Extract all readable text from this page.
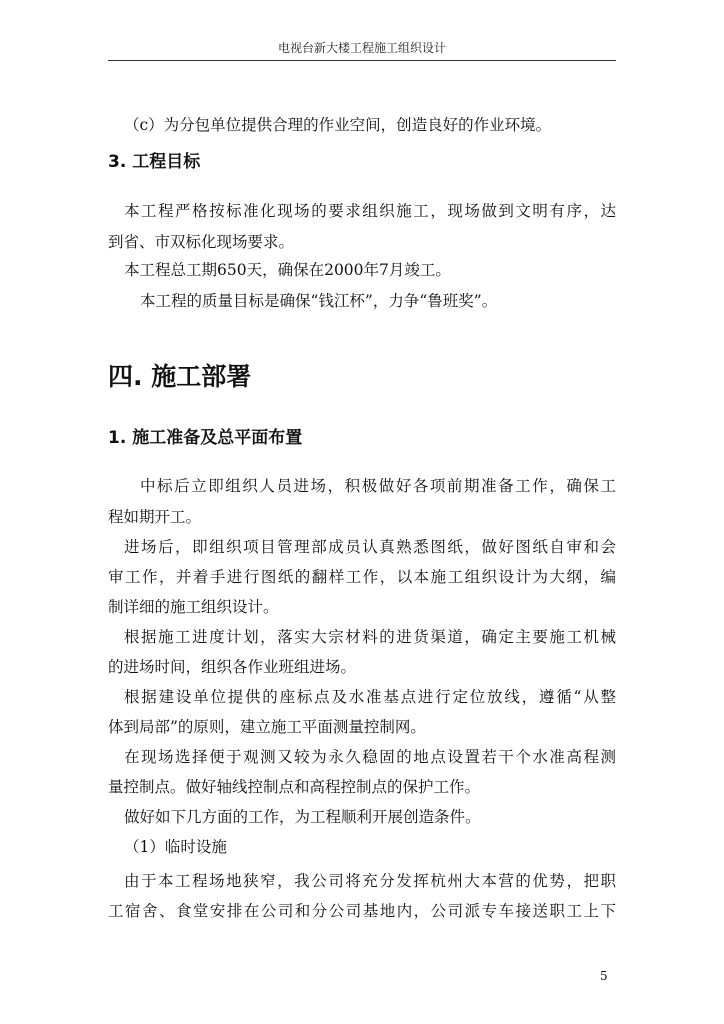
电视台新大楼工程施工组织设计
（c）为分包单位提供合理的作业空间，创造良好的作业环境。
3. 工程目标
本工程严格按标准化现场的要求组织施工，现场做到文明有序，达
到省、市双标化现场要求。
本工程总工期650天，确保在2000年7月竣工。
本工程的质量目标是确保“钱江杯”，力争“鲁班奖”。
四. 施工部署
1. 施工准备及总平面布置
中标后立即组织人员进场，积极做好各项前期准备工作，确保工
程如期开工。
进场后，即组织项目管理部成员认真熟悉图纸，做好图纸自审和会
审工作，并着手进行图纸的翻样工作，以本施工组织设计为大纲，编
制详细的施工组织设计。
根据施工进度计划，落实大宗材料的进货渠道，确定主要施工机械
的进场时间，组织各作业班组进场。
根据建设单位提供的座标点及水准基点进行定位放线，遵循“从整
体到局部”的原则，建立施工平面测量控制网。
在现场选择便于观测又较为永久稳固的地点设置若干个水准高程测
量控制点。做好轴线控制点和高程控制点的保护工作。
做好如下几方面的工作，为工程顺利开展创造条件。
（1）临时设施
由于本工程场地狭窄，我公司将充分发挥杭州大本营的优势，把职
工宿舍、食堂安排在公司和分公司基地内，公司派专车接送职工上下
5
